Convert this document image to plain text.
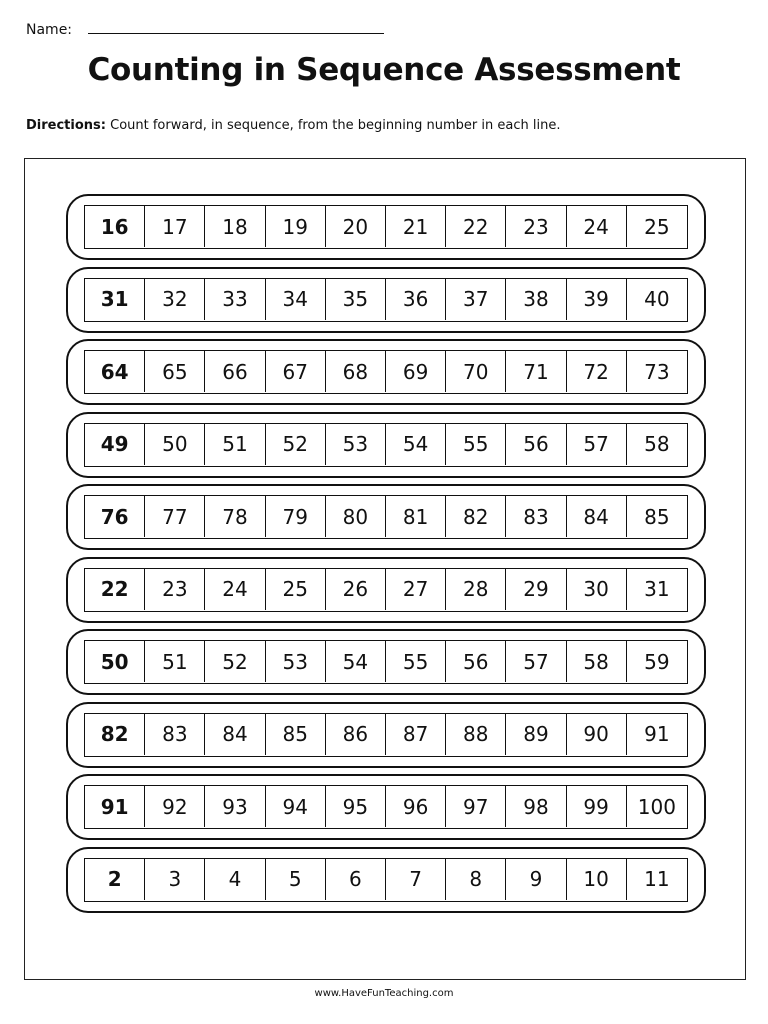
Name:
Counting in Sequence Assessment
Directions: Count forward, in sequence, from the beginning number in each line.
16	17	18	19	20	21	22	23	24	25
31	32	33	34	35	36	37	38	39	40
64	65	66	67	68	69	70	71	72	73
49	50	51	52	53	54	55	56	57	58
76	77	78	79	80	81	82	83	84	85
22	23	24	25	26	27	28	29	30	31
50	51	52	53	54	55	56	57	58	59
82	83	84	85	86	87	88	89	90	91
91	92	93	94	95	96	97	98	99	100
2	3	4	5	6	7	8	9	10	11
www.HaveFunTeaching.com
